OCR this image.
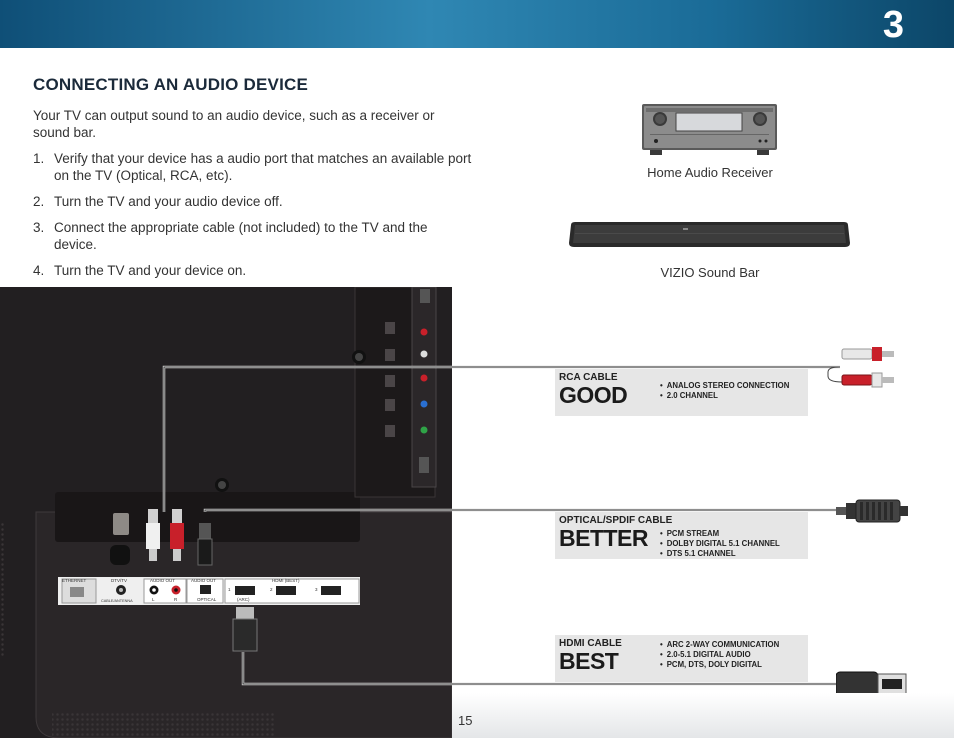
3
CONNECTING AN AUDIO DEVICE

Your TV can output sound to an audio device, such as a receiver or sound bar.

1. Verify that your device has a audio port that matches an available port on the TV (Optical, RCA, etc).
2. Turn the TV and your audio device off.
3. Connect the appropriate cable (not included) to the TV and the device.
4. Turn the TV and your device on.
Home Audio Receiver
VIZIO Sound Bar
ETHERNET	DTV/TV
CABLE/ANTENNA
AUDIO OUT
L	R
AUDIO OUT
OPTICAL
HDMI (BEST)
1	2	3
(ARC)
RCA CABLE
GOOD	• ANALOG STEREO CONNECTION
• 2.0 CHANNEL
OPTICAL/SPDIF CABLE
BETTER	• PCM STREAM
• DOLBY DIGITAL 5.1 CHANNEL
• DTS 5.1 CHANNEL
HDMI CABLE
BEST
• ARC 2-WAY COMMUNICATION
• 2.0-5.1 DIGITAL AUDIO
• PCM, DTS, DOLY DIGITAL
15
